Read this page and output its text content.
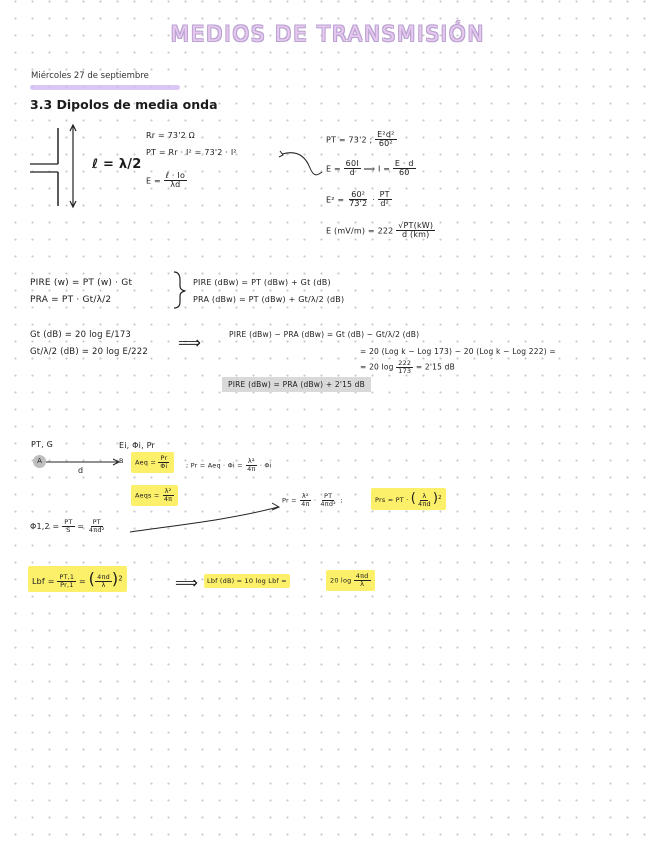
MEDIOS DE TRANSMISIÓN
Miércoles 27 de septiembre
3.3 Dipolos de media onda
ℓ = λ/2
Rr = 73'2 Ω
PT = Rr · I² = 73'2 · I²
$E = \frac{\text{ℓ · Io}}{\lambda d}$
PT = 73'2 ; $\frac{\text{E²d²}}{\text{60²}}$
$E = \frac{60I}{d}$ ⟹ $I = \frac{E \cdot d}{60}$
$E^2 = \frac{\text{60²}}{73'2} \cdot \frac{PT}{\text{d²}}$
E $(mV/m) = 222 \frac{√PT(kW)}{d (km)}$
PIRE (w) = PT (w) · Gt
PRA = PT · Gt/λ/2
PIRE (dBw) = PT (dBw) + Gt (dB)
PRA (dBw) = PT (dBw) + Gt/λ/2 (dB)
Gt (dB) = 20 log E/173
Gt/λ/2 (dB) = 20 log E/222 ⟹	PIRE (dBw) − PRA (dBw) = Gt (dB) − Gt/λ/2 (dB)
= 20 (Log k − Log 173) − 20 (Log k − Log 222) =
= 20 $\log \frac{222}{173} = 2'15$ dB
PIRE (dBw) = PRA (dBw) + 2'15 dB
PT, G
A
d
Ei, Φi, Pr
B	Aeq = $\frac{Pr}{\Phi i}$	; Pr = Aeq · $\Phi i = \frac{\text{λ²}}{4\pi} \cdot \Phi i$
Aeqs = $\frac{\text{λ²}}{4\pi}$
$\Phi 1,2 = \frac{PT}{S} = \frac{PT}{\text{4πd²}}$
$Pr = \frac{\text{λ²}}{4\pi} \cdot \frac{PT}{\text{4πd²}}$ ;	Prs = PT · ( $\frac{\lambda}{4\pi d} )^2$
Lbf = $\frac{PT,1}{Pr,1}$ = ( $\frac{4\pi d}{\lambda} )^2$	⟹	Lbf (dB) = 10 log Lbf =	20 $\log \frac{4\pi d}{\lambda}$
